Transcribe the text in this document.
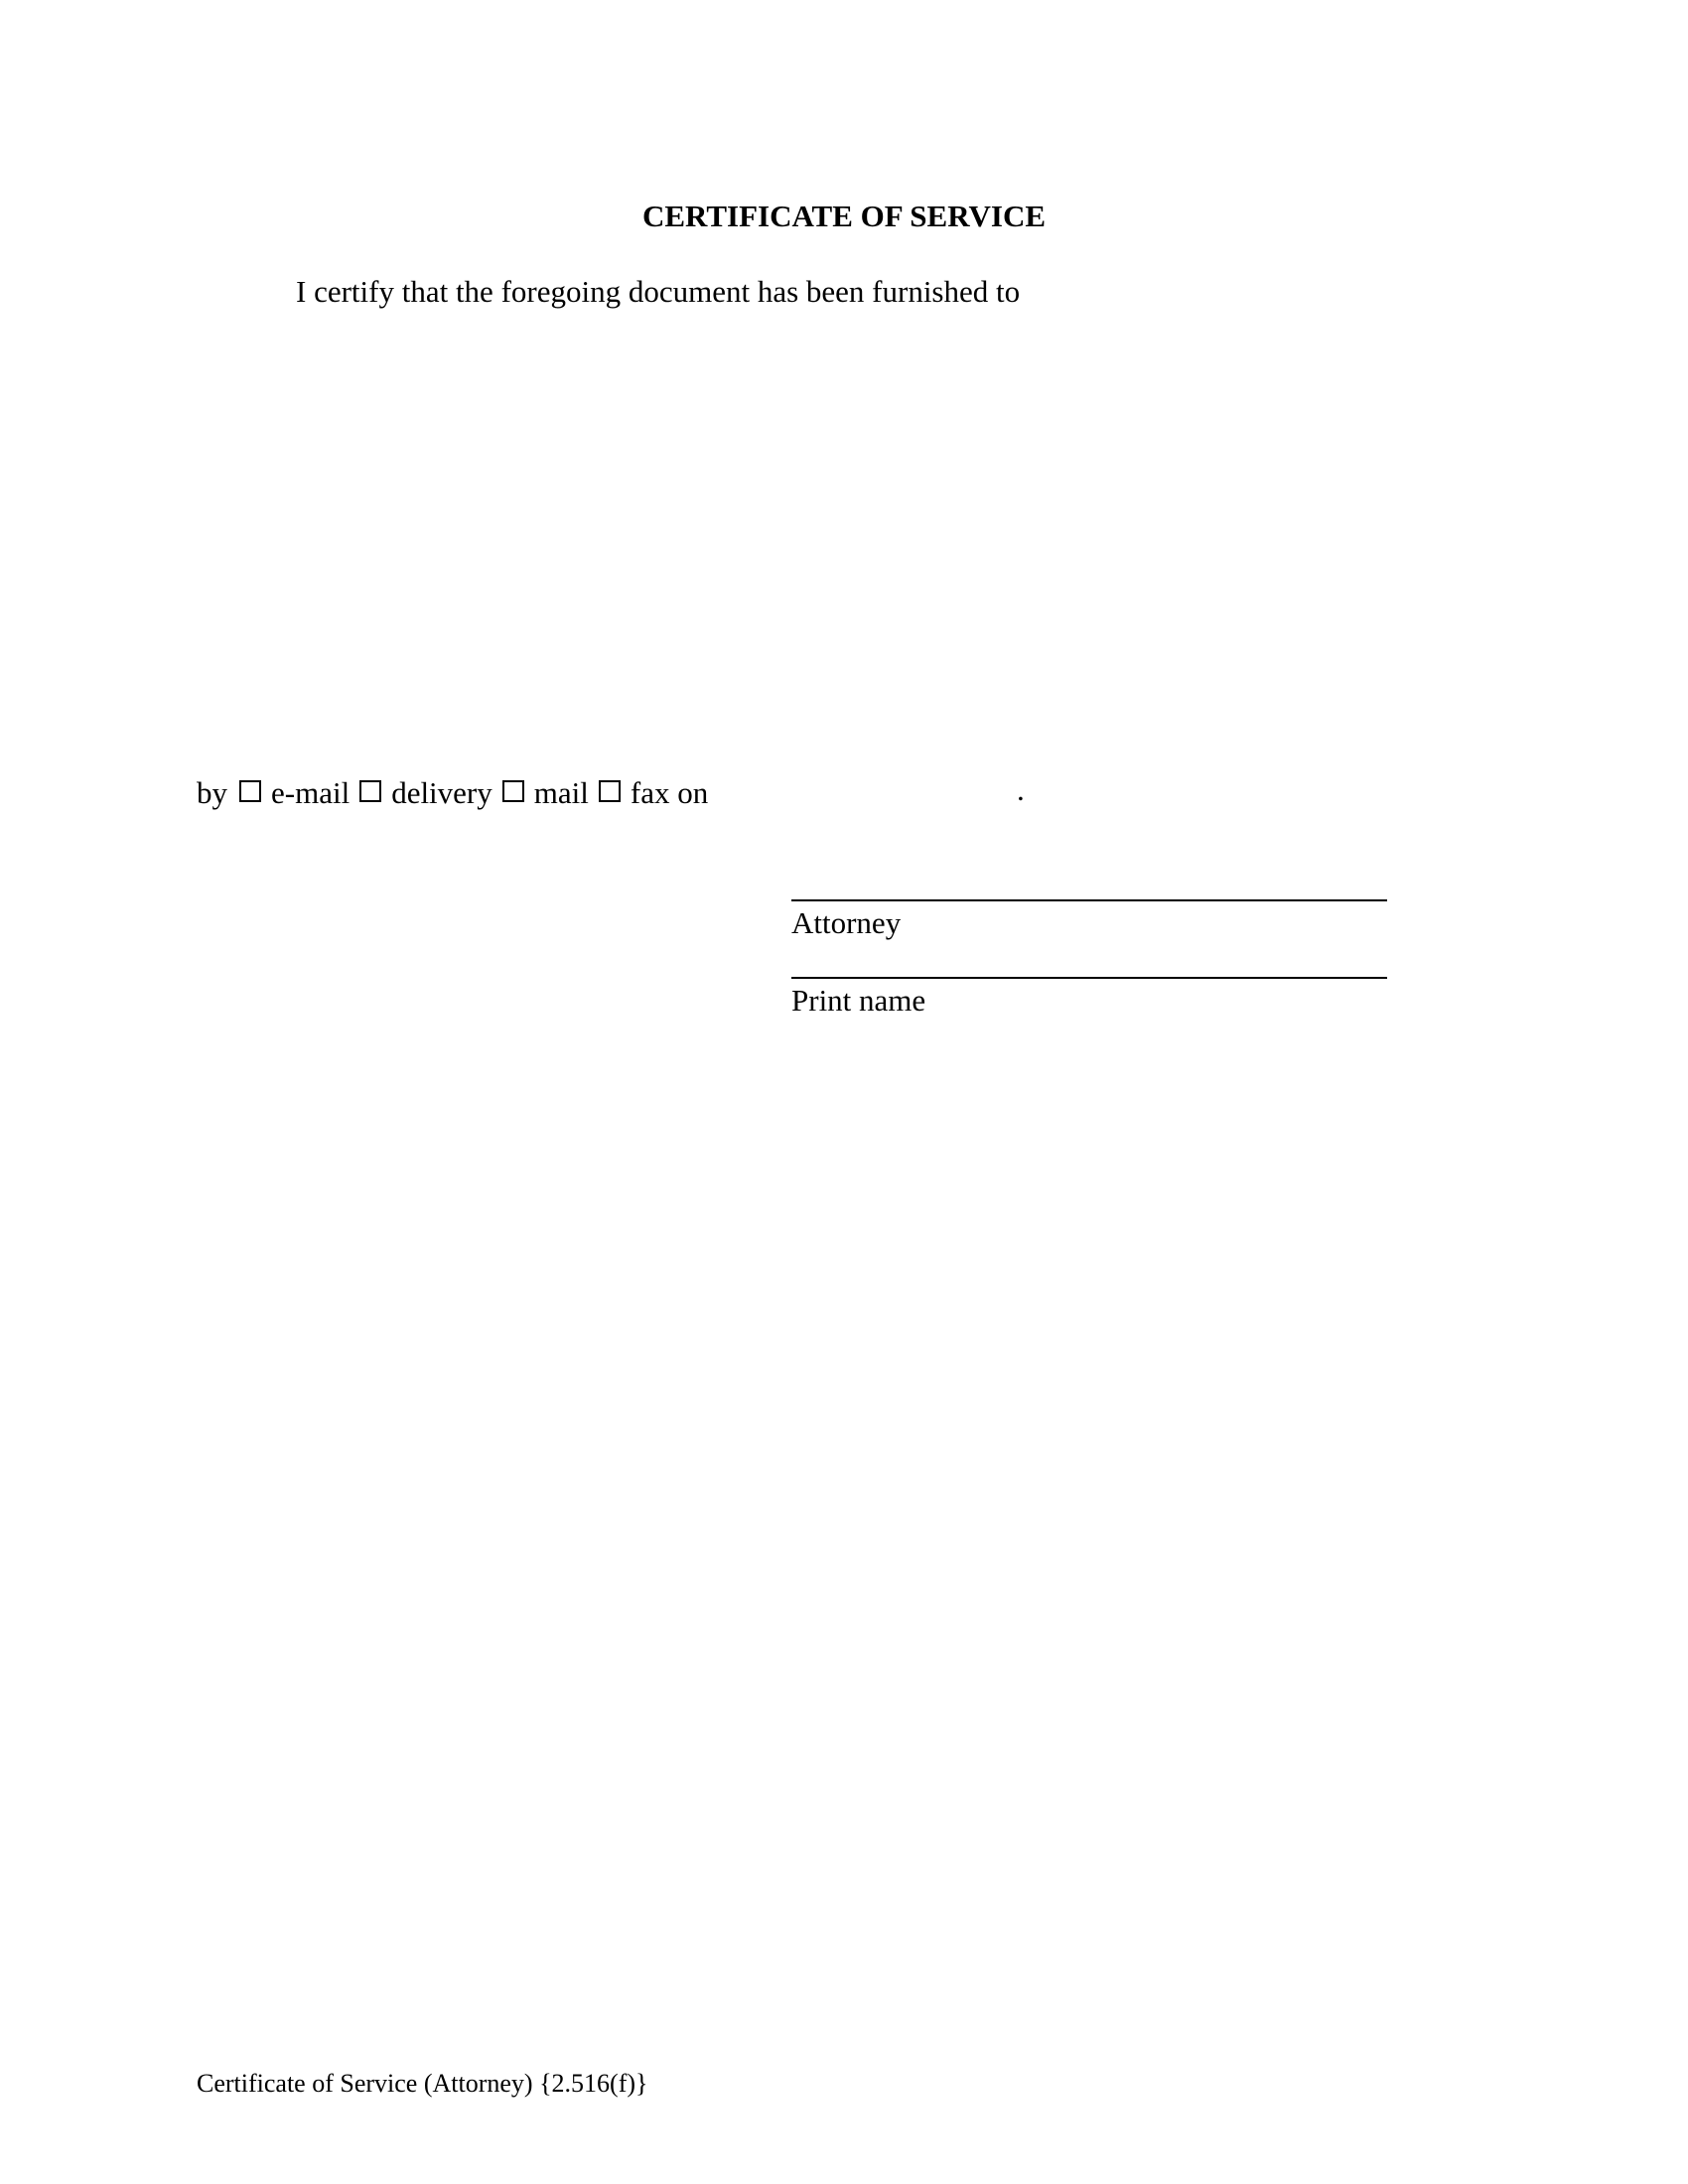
CERTIFICATE OF SERVICE
I certify that the foregoing document has been furnished to
by e-mail delivery mail fax on	.
Attorney
Print name
Certificate of Service (Attorney) {2.516(f)}
